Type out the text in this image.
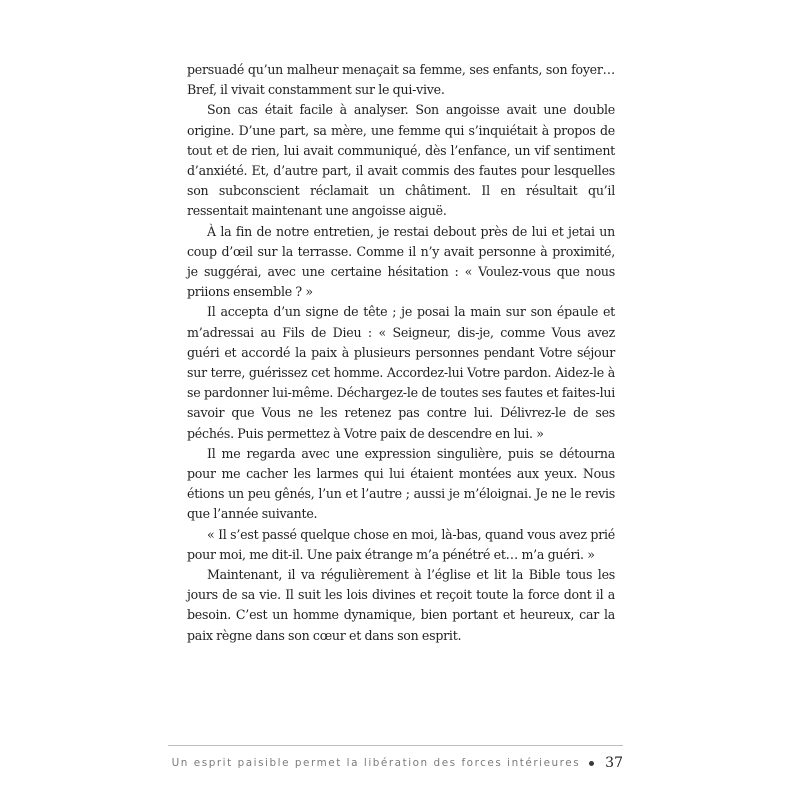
persuadé qu’un malheur menaçait sa femme, ses enfants, son foyer… Bref, il vivait constamment sur le qui-vive.

Son cas était facile à analyser. Son angoisse avait une double origine. D’une part, sa mère, une femme qui s’inquiétait à propos de tout et de rien, lui avait communiqué, dès l’enfance, un vif sentiment d’anxiété. Et, d’autre part, il avait commis des fautes pour lesquelles son subconscient réclamait un châtiment. Il en résultait qu’il ressentait maintenant une angoisse aiguë.

À la fin de notre entretien, je restai debout près de lui et jetai un coup d’œil sur la terrasse. Comme il n’y avait personne à proximité, je suggérai, avec une certaine hésitation : « Voulez-vous que nous priions ensemble ? »

Il accepta d’un signe de tête ; je posai la main sur son épaule et m’adressai au Fils de Dieu : « Seigneur, dis-je, comme Vous avez guéri et accordé la paix à plusieurs personnes pendant Votre séjour sur terre, guérissez cet homme. Accordez-lui Votre pardon. Aidez-le à se pardonner lui-même. Déchargez-le de toutes ses fautes et faites-lui savoir que Vous ne les retenez pas contre lui. Délivrez-le de ses péchés. Puis permettez à Votre paix de descendre en lui. »

Il me regarda avec une expression singulière, puis se détourna pour me cacher les larmes qui lui étaient montées aux yeux. Nous étions un peu gênés, l’un et l’autre ; aussi je m’éloignai. Je ne le revis que l’année suivante.

« Il s’est passé quelque chose en moi, là-bas, quand vous avez prié pour moi, me dit-il. Une paix étrange m’a pénétré et… m’a guéri. »

Maintenant, il va régulièrement à l’église et lit la Bible tous les jours de sa vie. Il suit les lois divines et reçoit toute la force dont il a besoin. C’est un homme dynamique, bien portant et heureux, car la paix règne dans son cœur et dans son esprit.

Un esprit paisible permet la libération des forces intérieures 37
